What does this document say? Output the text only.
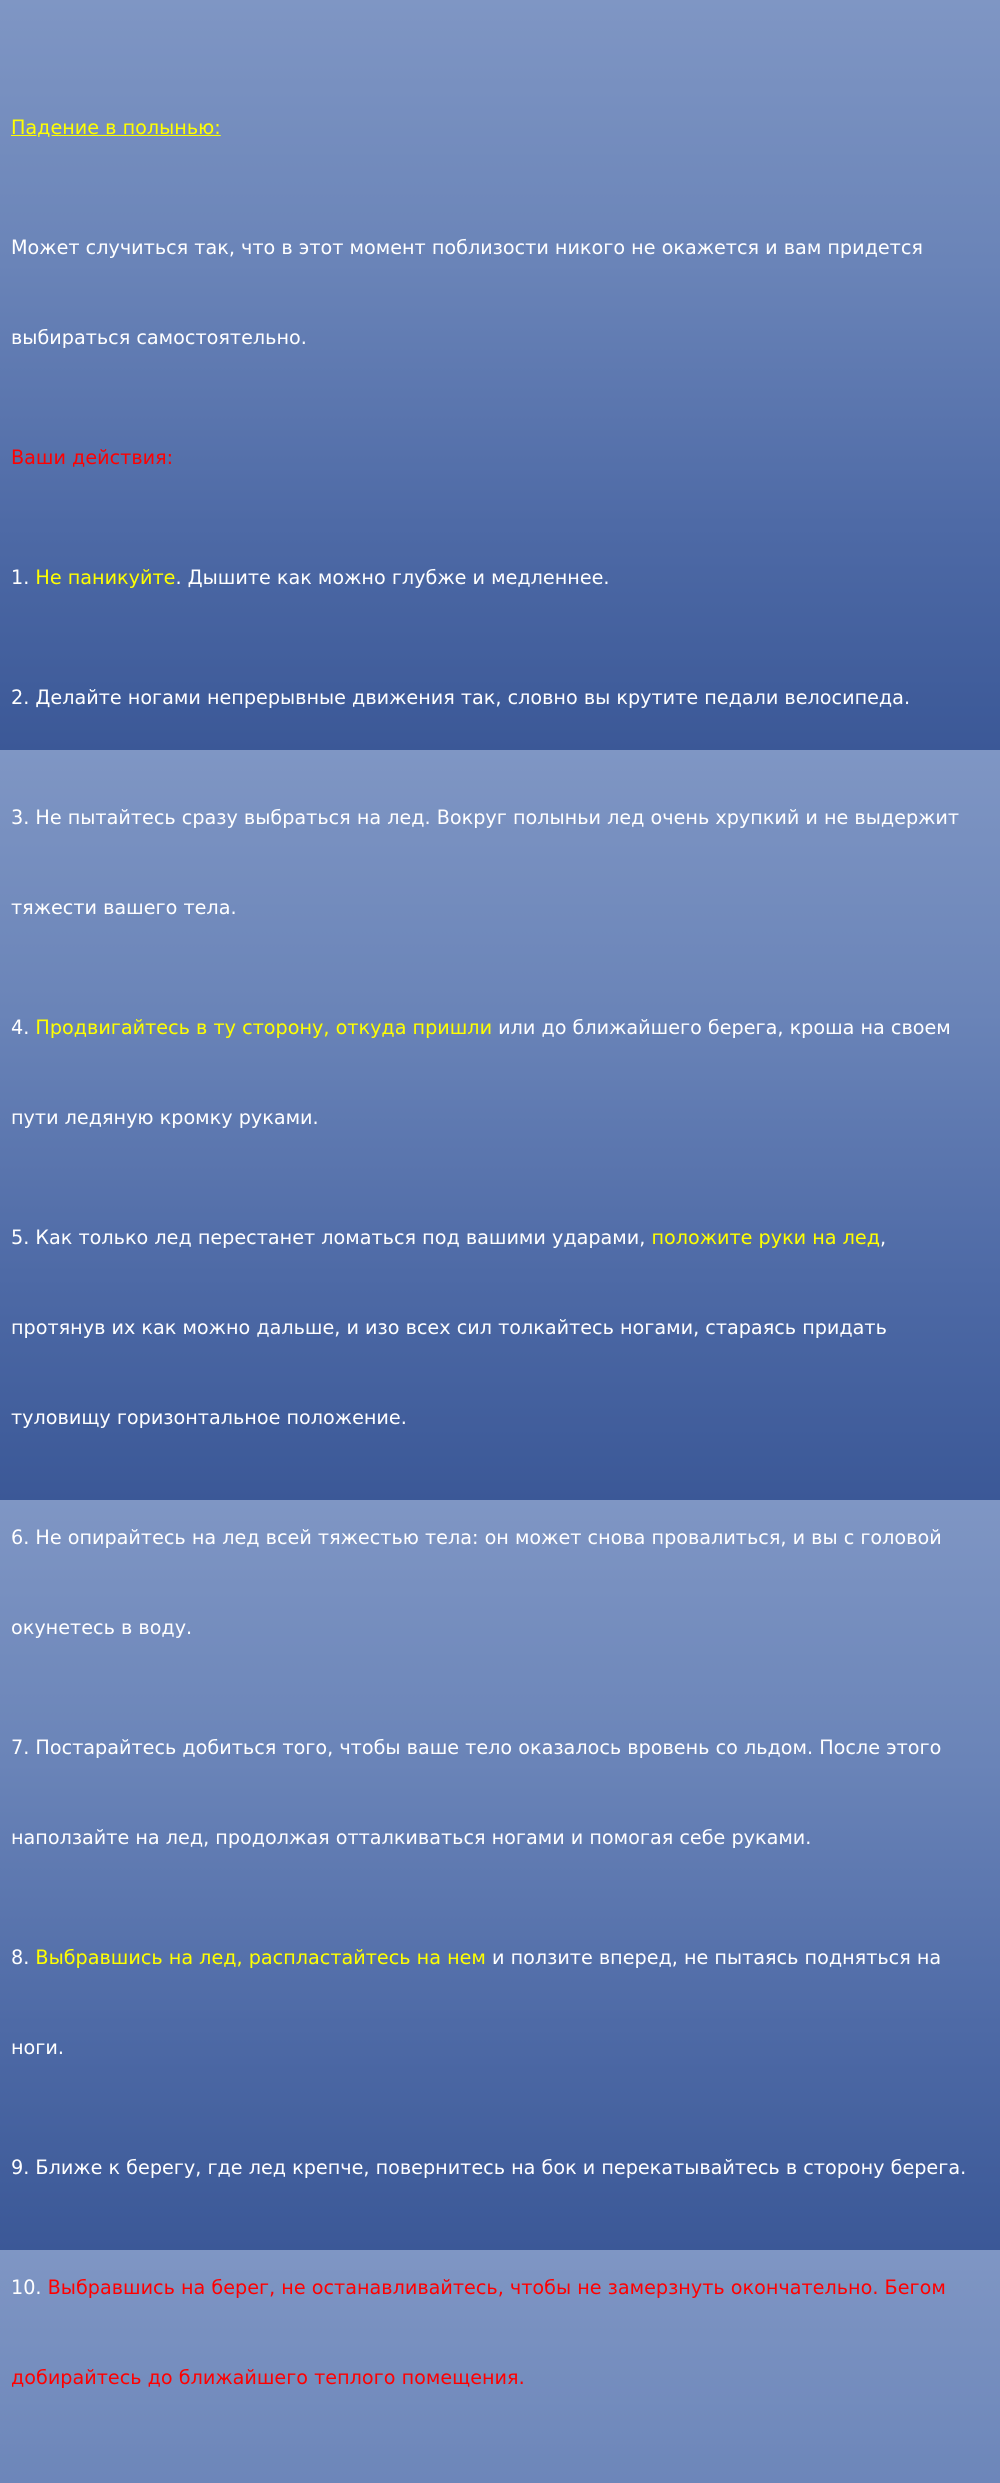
Падение в полынью:

Может случиться так, что в этот момент поблизости никого не окажется и вам придется

выбираться самостоятельно.

Ваши действия:

1. Не паникуйте. Дышите как можно глубже и медленнее.

2. Делайте ногами непрерывные движения так, словно вы крутите педали велосипеда.

3. Не пытайтесь сразу выбраться на лед. Вокруг полыньи лед очень хрупкий и не выдержит

тяжести вашего тела.

4. Продвигайтесь в ту сторону, откуда пришли или до ближайшего берега, кроша на своем

пути ледяную кромку руками.

5. Как только лед перестанет ломаться под вашими ударами, положите руки на лед,

протянув их как можно дальше, и изо всех сил толкайтесь ногами, стараясь придать

туловищу горизонтальное положение.

6. Не опирайтесь на лед всей тяжестью тела: он может снова провалиться, и вы с головой

окунетесь в воду.

7. Постарайтесь добиться того, чтобы ваше тело оказалось вровень со льдом. После этого

наползайте на лед, продолжая отталкиваться ногами и помогая себе руками.

8. Выбравшись на лед, распластайтесь на нем и ползите вперед, не пытаясь подняться на

ноги.

9. Ближе к берегу, где лед крепче, повернитесь на бок и перекатывайтесь в сторону берега.

10. Выбравшись на берег, не останавливайтесь, чтобы не замерзнуть окончательно. Бегом

добирайтесь до ближайшего теплого помещения.
